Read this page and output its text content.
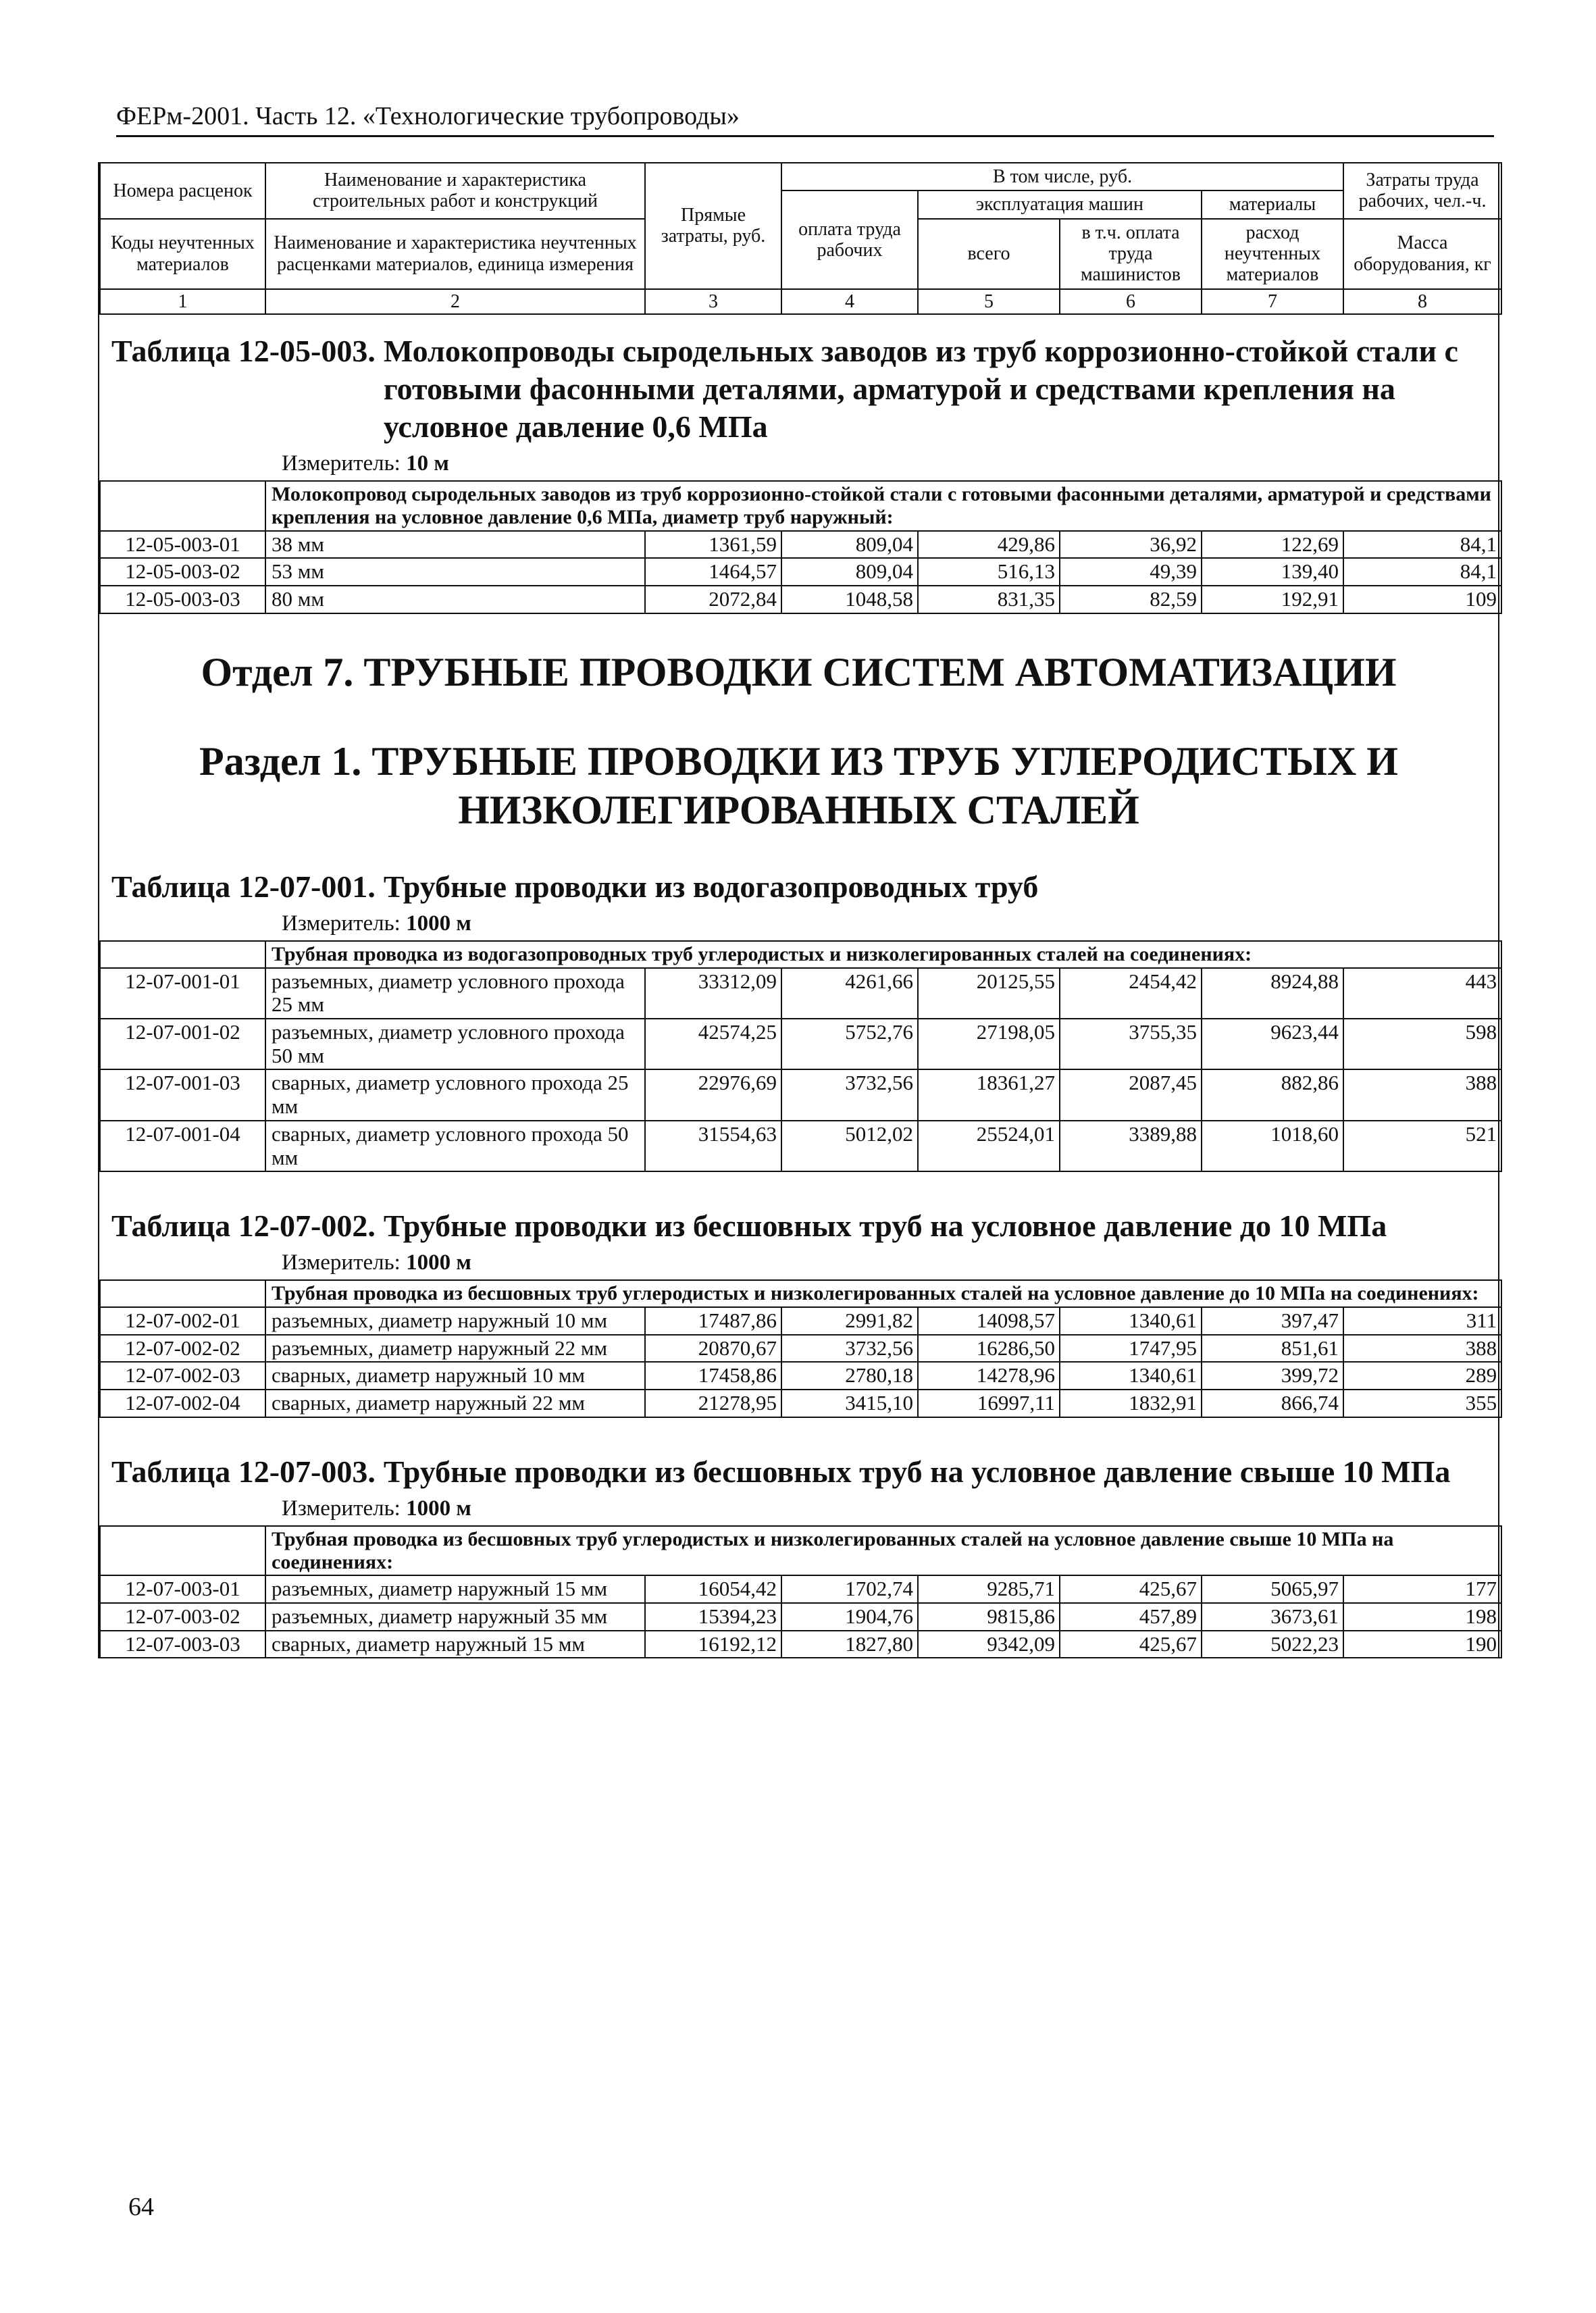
ФЕРм-2001. Часть 12. «Технологические трубопроводы»
Номера расценок	Наименование и характеристика строительных работ и конструкций	Прямые затраты, руб.	В том числе, руб.				Затраты труда рабочих, чел.-ч.
			оплата труда рабочих	эксплуатация машин		материалы	
Коды неучтенных материалов	Наименование и характеристика неучтенных расценками материалов, единица измерения			всего	в т.ч. оплата труда машинистов	расход неучтенных материалов	
							Масса оборудования, кг
1	2	3	4	5	6	7	8
Таблица 12-05-003. Молокопроводы сыродельных заводов из труб коррозионно-стойкой стали с готовыми фасонными деталями, арматурой и средствами крепления на условное давление 0,6 МПа
Измеритель: 10 м
	Молокопровод сыродельных заводов из труб коррозионно-стойкой стали с готовыми фасонными деталями, арматурой и средствами крепления на условное давление 0,6 МПа, диаметр труб наружный:						
12-05-003-01	38 мм	1361,59	809,04	429,86	36,92	122,69	84,1
12-05-003-02	53 мм	1464,57	809,04	516,13	49,39	139,40	84,1
12-05-003-03	80 мм	2072,84	1048,58	831,35	82,59	192,91	109
Отдел 7. ТРУБНЫЕ ПРОВОДКИ СИСТЕМ АВТОМАТИЗАЦИИ
Раздел 1. ТРУБНЫЕ ПРОВОДКИ ИЗ ТРУБ УГЛЕРОДИСТЫХ И НИЗКОЛЕГИРОВАННЫХ СТАЛЕЙ
Таблица 12-07-001. Трубные проводки из водогазопроводных труб
Измеритель: 1000 м
	Трубная проводка из водогазопроводных труб углеродистых и низколегированных сталей на соединениях:						
12-07-001-01	разъемных, диаметр условного прохода 25 мм	33312,09	4261,66	20125,55	2454,42	8924,88	443
12-07-001-02	разъемных, диаметр условного прохода 50 мм	42574,25	5752,76	27198,05	3755,35	9623,44	598
12-07-001-03	сварных, диаметр условного прохода 25 мм	22976,69	3732,56	18361,27	2087,45	882,86	388
12-07-001-04	сварных, диаметр условного прохода 50 мм	31554,63	5012,02	25524,01	3389,88	1018,60	521
Таблица 12-07-002. Трубные проводки из бесшовных труб на условное давление до 10 МПа
Измеритель: 1000 м
	Трубная проводка из бесшовных труб углеродистых и низколегированных сталей на условное давление до 10 МПа на соединениях:						
12-07-002-01	разъемных, диаметр наружный 10 мм	17487,86	2991,82	14098,57	1340,61	397,47	311
12-07-002-02	разъемных, диаметр наружный 22 мм	20870,67	3732,56	16286,50	1747,95	851,61	388
12-07-002-03	сварных, диаметр наружный 10 мм	17458,86	2780,18	14278,96	1340,61	399,72	289
12-07-002-04	сварных, диаметр наружный 22 мм	21278,95	3415,10	16997,11	1832,91	866,74	355
Таблица 12-07-003. Трубные проводки из бесшовных труб на условное давление свыше 10 МПа
Измеритель: 1000 м
	Трубная проводка из бесшовных труб углеродистых и низколегированных сталей на условное давление свыше 10 МПа на соединениях:						
12-07-003-01	разъемных, диаметр наружный 15 мм	16054,42	1702,74	9285,71	425,67	5065,97	177
12-07-003-02	разъемных, диаметр наружный 35 мм	15394,23	1904,76	9815,86	457,89	3673,61	198
12-07-003-03	сварных, диаметр наружный 15 мм	16192,12	1827,80	9342,09	425,67	5022,23	190
64
